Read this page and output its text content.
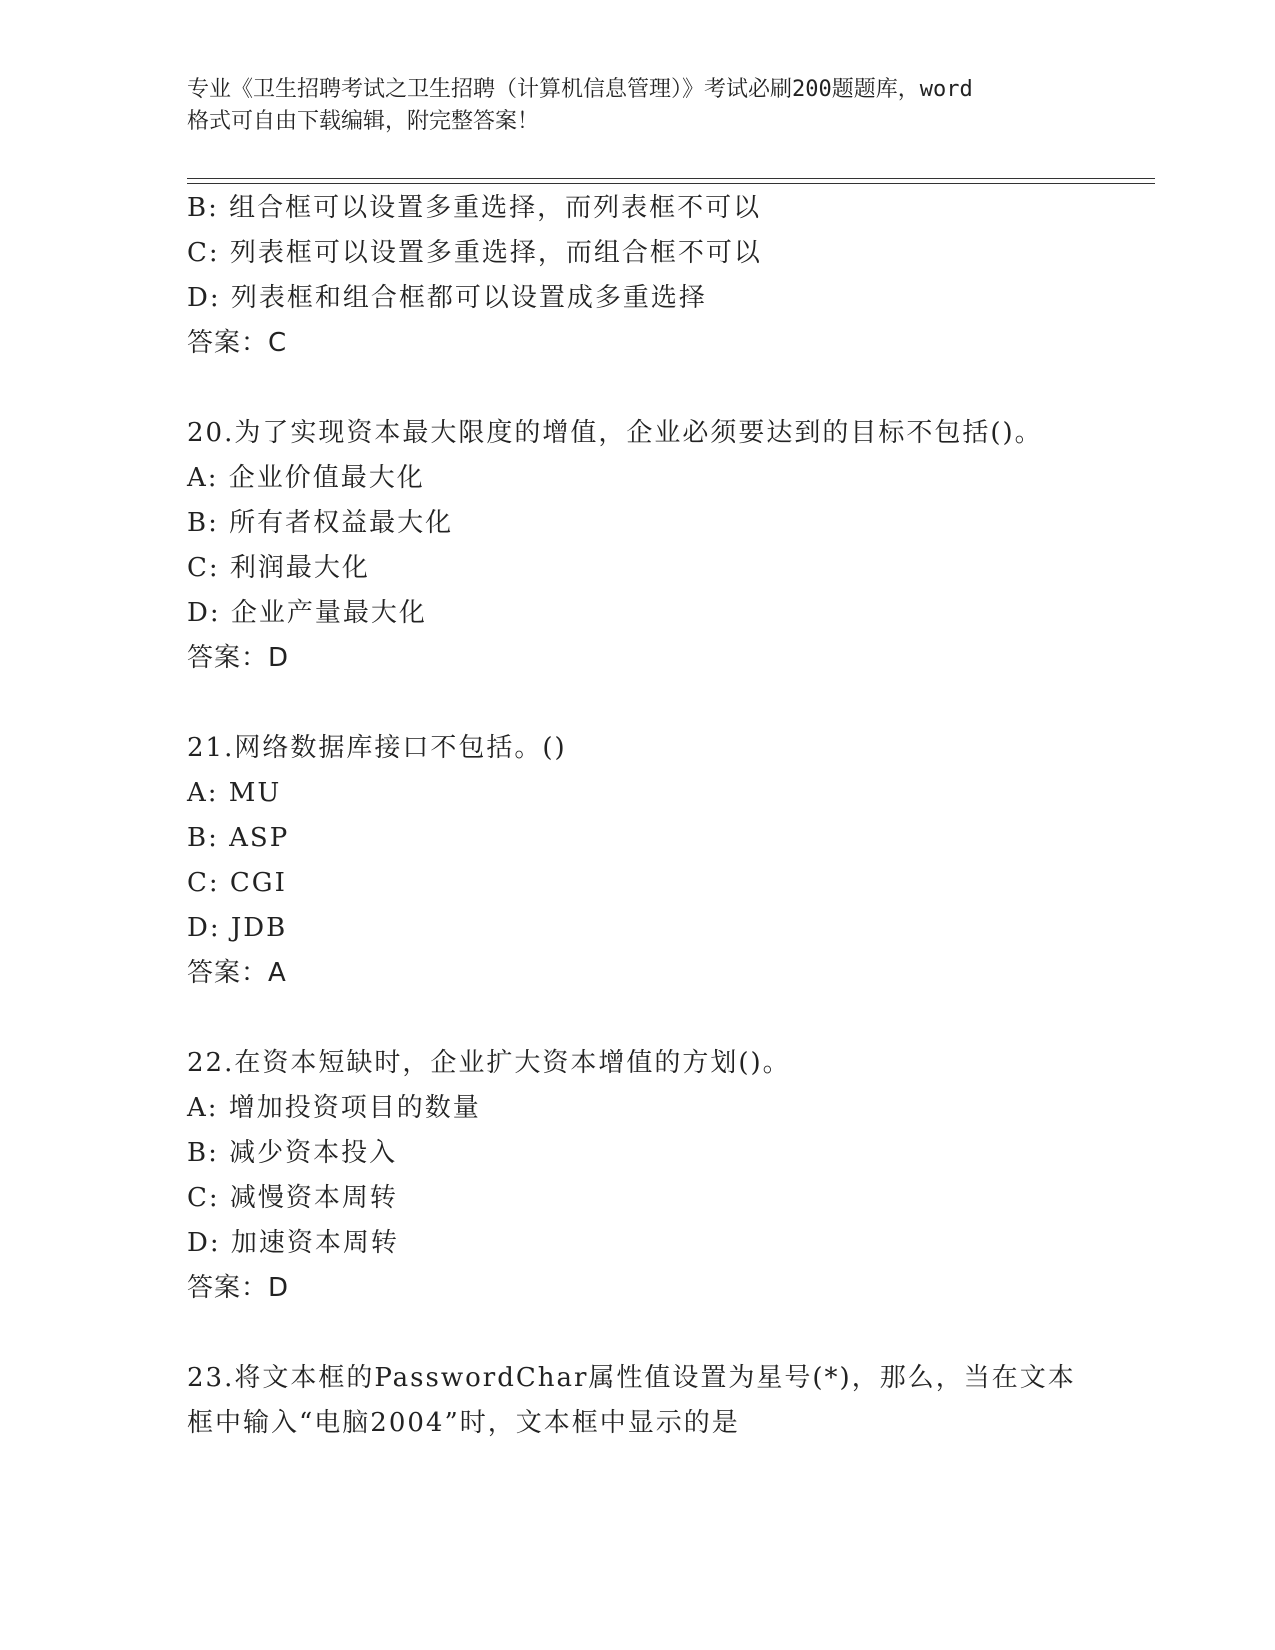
专业《卫生招聘考试之卫生招聘（计算机信息管理）》考试必刷200题题库，word
格式可自由下载编辑，附完整答案！
B: 组合框可以设置多重选择，而列表框不可以
C: 列表框可以设置多重选择，而组合框不可以
D: 列表框和组合框都可以设置成多重选择
答案：C
20.为了实现资本最大限度的增值，企业必须要达到的目标不包括()。
A: 企业价值最大化
B: 所有者权益最大化
C: 利润最大化
D: 企业产量最大化
答案：D
21.网络数据库接口不包括。()
A: MU
B: ASP
C: CGI
D: JDB
答案：A
22.在资本短缺时，企业扩大资本增值的方划()。
A: 增加投资项目的数量
B: 减少资本投入
C: 减慢资本周转
D: 加速资本周转
答案：D
23.将文本框的PasswordChar属性值设置为星号(*)，那么，当在文本
框中输入“电脑2004”时，文本框中显示的是
